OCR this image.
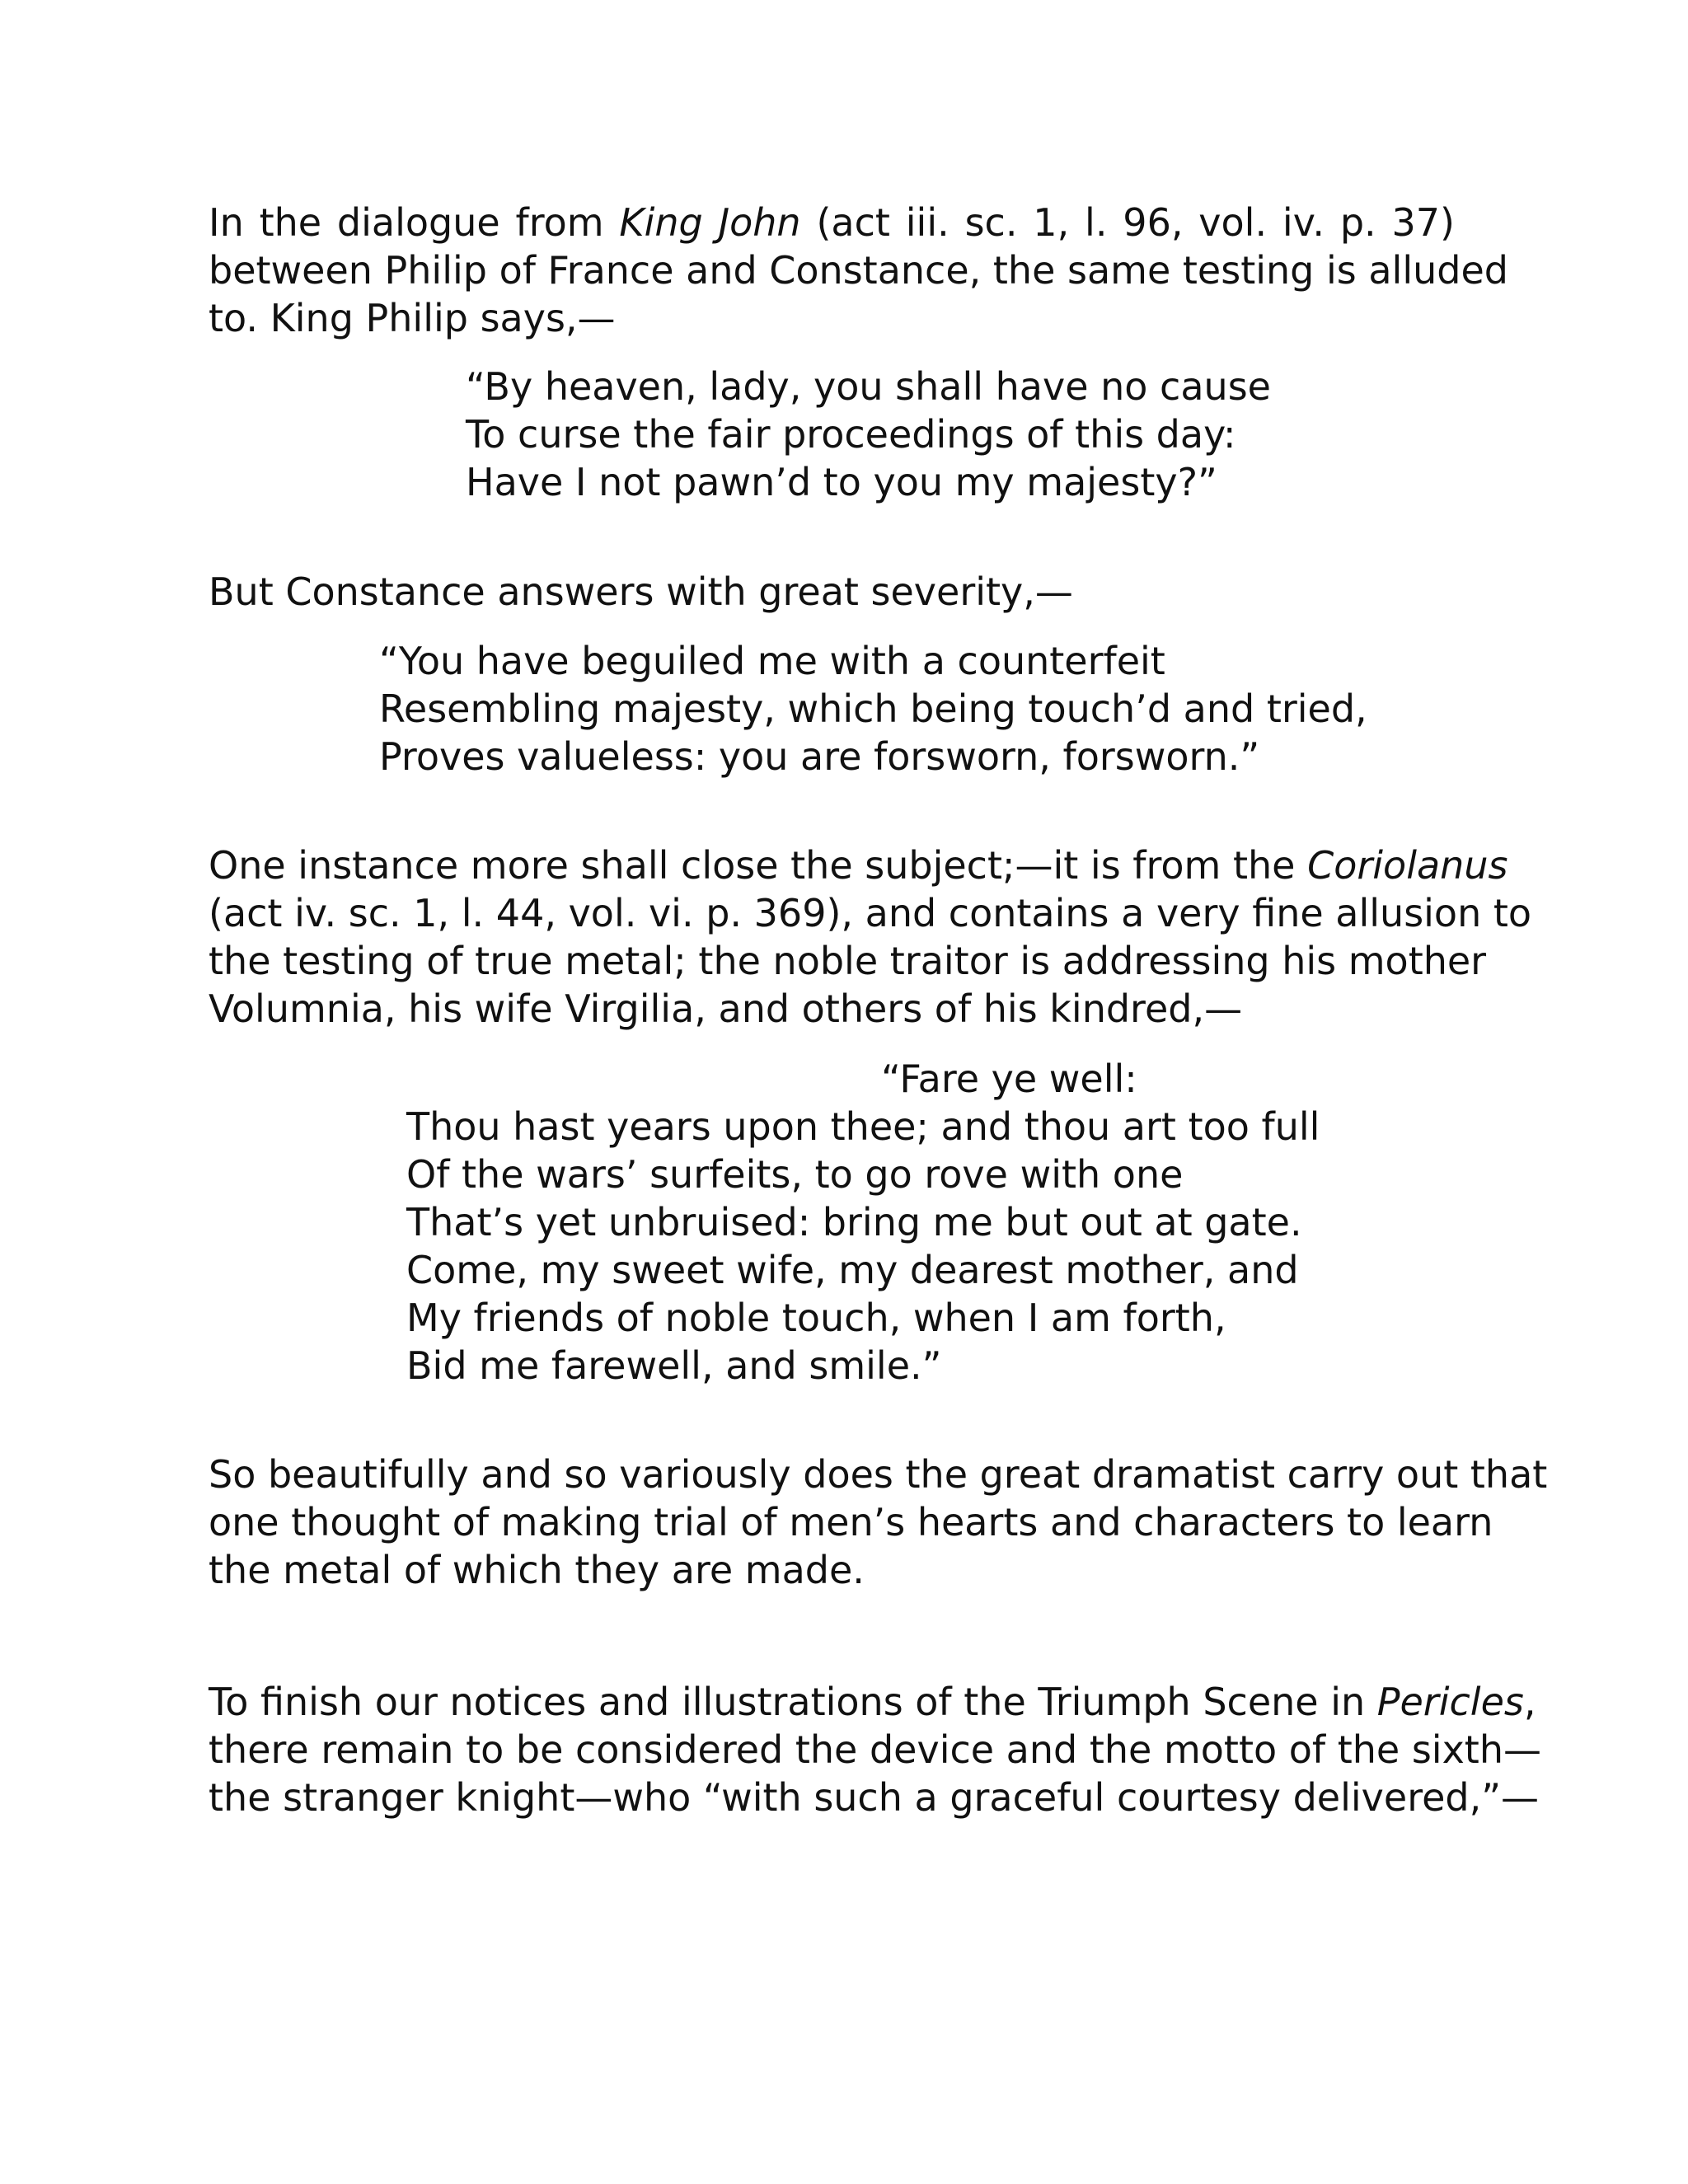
In the dialogue from King John (act iii. sc. 1, l. 96, vol. iv. p. 37)
between Philip of France and Constance, the same testing is alluded
to. King Philip says,—
“By heaven, lady, you shall have no cause
To curse the fair proceedings of this day:
Have I not pawn’d to you my majesty?”
But Constance answers with great severity,—
“You have beguiled me with a counterfeit
Resembling majesty, which being touch’d and tried,
Proves valueless: you are forsworn, forsworn.”
One instance more shall close the subject;—it is from the Coriolanus
(act iv. sc. 1, l. 44, vol. vi. p. 369), and contains a very fine allusion to
the testing of true metal; the noble traitor is addressing his mother
Volumnia, his wife Virgilia, and others of his kindred,—
“Fare ye well:
Thou hast years upon thee; and thou art too full
Of the wars’ surfeits, to go rove with one
That’s yet unbruised: bring me but out at gate.
Come, my sweet wife, my dearest mother, and
My friends of noble touch, when I am forth,
Bid me farewell, and smile.”
So beautifully and so variously does the great dramatist carry out that
one thought of making trial of men’s hearts and characters to learn
the metal of which they are made.
To finish our notices and illustrations of the Triumph Scene in Pericles,
there remain to be considered the device and the motto of the sixth—
the stranger knight—who “with such a graceful courtesy delivered,”—
